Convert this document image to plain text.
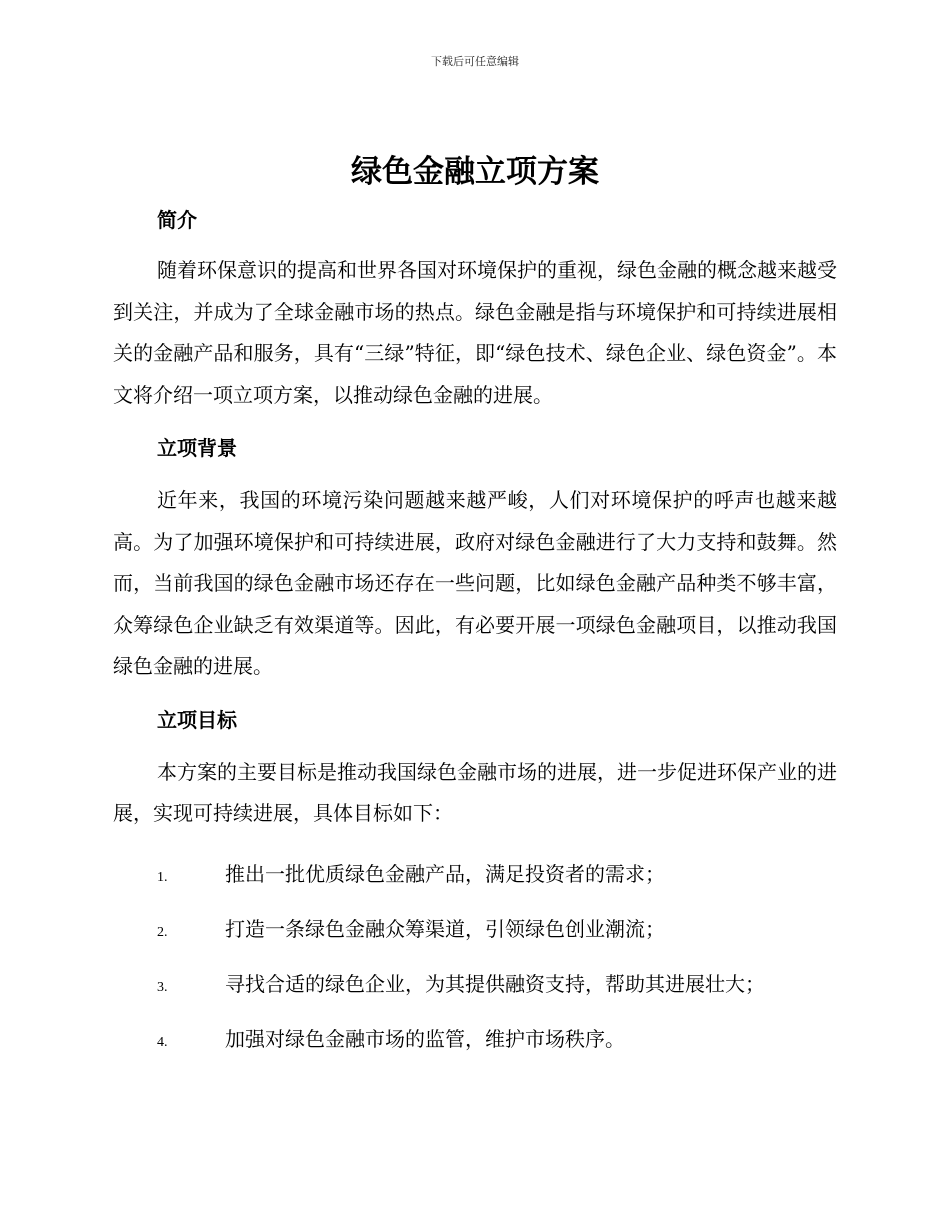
下载后可任意编辑
绿色金融立项方案
简介

随着环保意识的提高和世界各国对环境保护的重视，绿色金融的概念越来越受到关注，并成为了全球金融市场的热点。绿色金融是指与环境保护和可持续进展相关的金融产品和服务，具有“三绿”特征，即“绿色技术、绿色企业、绿色资金”。本文将介绍一项立项方案，以推动绿色金融的进展。

立项背景

近年来，我国的环境污染问题越来越严峻，人们对环境保护的呼声也越来越高。为了加强环境保护和可持续进展，政府对绿色金融进行了大力支持和鼓舞。然而，当前我国的绿色金融市场还存在一些问题，比如绿色金融产品种类不够丰富，众筹绿色企业缺乏有效渠道等。因此，有必要开展一项绿色金融项目，以推动我国绿色金融的进展。

立项目标

本方案的主要目标是推动我国绿色金融市场的进展，进一步促进环保产业的进展，实现可持续进展，具体目标如下：

1.	推出一批优质绿色金融产品，满足投资者的需求；
2.	打造一条绿色金融众筹渠道，引领绿色创业潮流；
3.	寻找合适的绿色企业，为其提供融资支持，帮助其进展壮大；
4.	加强对绿色金融市场的监管，维护市场秩序。
